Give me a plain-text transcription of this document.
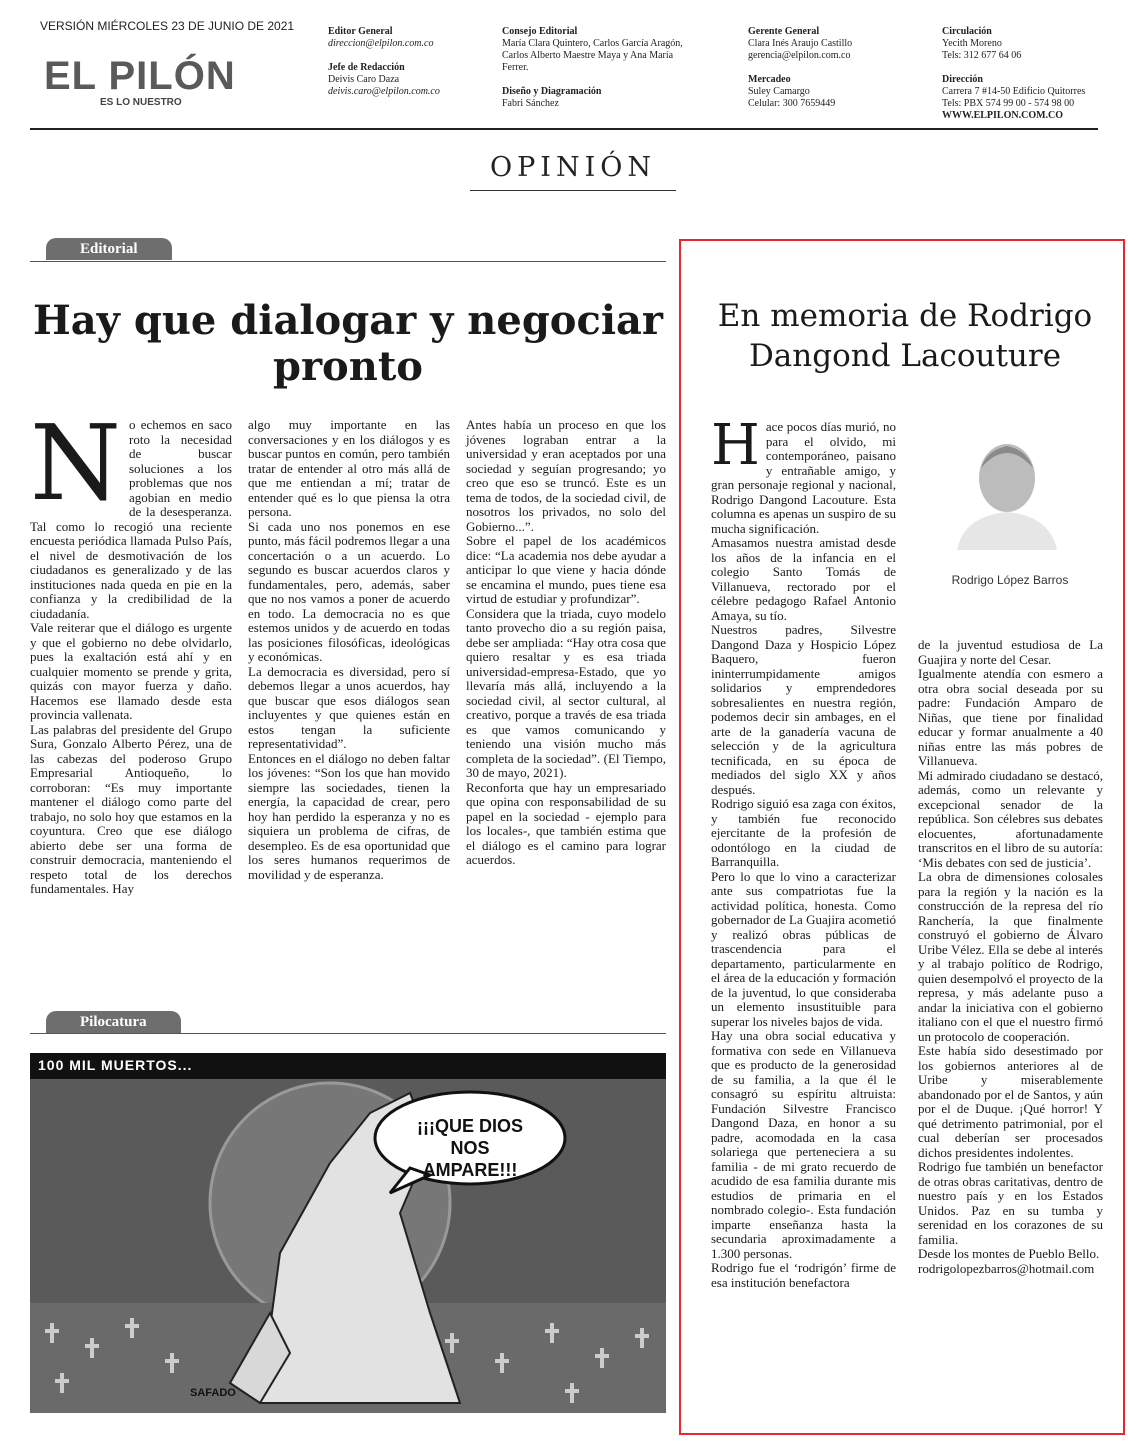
VERSIÓN MIÉRCOLES 23 DE JUNIO DE 2021
EL PILÓN
ES LO NUESTRO
Editor General
direccion@elpilon.com.co

Jefe de Redacción
Deivis Caro Daza
deivis.caro@elpilon.com.co
Consejo Editorial
María Clara Quintero, Carlos García Aragón,
Carlos Alberto Maestre Maya y Ana María
Ferrer.

Diseño y Diagramación
Fabri Sánchez
Gerente General
Clara Inés Araujo Castillo
gerencia@elpilon.com.co

Mercadeo
Suley Camargo
Celular: 300 7659449
Circulación
Yecith Moreno
Tels: 312 677 64 06

Dirección
Carrera 7 #14-50 Edificio Quitorres
Tels: PBX 574 99 00 - 574 98 00
WWW.ELPILON.COM.CO
OPINIÓN
Editorial
Hay que dialogar y negociar pronto
N o echemos en saco roto la necesidad de buscar soluciones a los problemas que nos agobian en medio de la desesperanza. Tal como lo recogió una reciente encuesta periódica llamada Pulso País, el nivel de desmotivación de los ciudadanos es generalizado y de las instituciones nada queda en pie en la confianza y la credibilidad de la ciudadanía.

Vale reiterar que el diálogo es urgente y que el gobierno no debe olvidarlo, pues la exaltación está ahí y en cualquier momento se prende y grita, quizás con mayor fuerza y daño. Hacemos ese llamado desde esta provincia vallenata.

Las palabras del presidente del Grupo Sura, Gonzalo Alberto Pérez, una de las cabezas del poderoso Grupo Empresarial Antioqueño, lo corroboran: “Es muy importante mantener el diálogo como parte del trabajo, no solo hoy que estamos en la coyuntura. Creo que ese diálogo abierto debe ser una forma de construir democracia, manteniendo el respeto total de los derechos fundamentales. Hay

algo muy importante en las conversaciones y en los diálogos y es buscar puntos en común, pero también tratar de entender al otro más allá de que me entiendan a mí; tratar de entender qué es lo que piensa la otra persona.

Si cada uno nos ponemos en ese punto, más fácil podremos llegar a una concertación o a un acuerdo. Lo segundo es buscar acuerdos claros y fundamentales, pero, además, saber que no nos vamos a poner de acuerdo en todo. La democracia no es que estemos unidos y de acuerdo en todas las posiciones filosóficas, ideológicas y económicas.

La democracia es diversidad, pero sí debemos llegar a unos acuerdos, hay que buscar que esos diálogos sean incluyentes y que quienes están en estos tengan la suficiente representatividad”.

Entonces en el diálogo no deben faltar los jóvenes: “Son los que han movido siempre las sociedades, tienen la energía, la capacidad de crear, pero hoy han perdido la esperanza y no es siquiera un problema de cifras, de desempleo. Es de esa oportunidad que los seres humanos requerimos de movilidad y de esperanza.

Antes había un proceso en que los jóvenes lograban entrar a la universidad y eran aceptados por una sociedad y seguían progresando; yo creo que eso se truncó. Este es un tema de todos, de la sociedad civil, de nosotros los privados, no solo del Gobierno...”.

Sobre el papel de los académicos dice: “La academia nos debe ayudar a anticipar lo que viene y hacia dónde se encamina el mundo, pues tiene esa virtud de estudiar y profundizar”.

Considera que la triada, cuyo modelo tanto provecho dio a su región paisa, debe ser ampliada: “Hay otra cosa que quiero resaltar y es esa triada universidad-empresa-Estado, que yo llevaría más allá, incluyendo a la sociedad civil, al sector cultural, al creativo, porque a través de esa triada es que vamos comunicando y teniendo una visión mucho más completa de la sociedad”. (El Tiempo, 30 de mayo, 2021).

Reconforta que hay un empresariado que opina con responsabilidad de su papel en la sociedad - ejemplo para los locales-, que también estima que el diálogo es el camino para lograr acuerdos.

Pilocatura
100 MIL MUERTOS...
¡¡¡QUE DIOS NOS AMPARE!!!
SAFADO
En memoria de Rodrigo Dangond Lacouture
Rodrigo López Barros
H ace pocos días murió, no para el olvido, mi contemporáneo, paisano y entrañable amigo, y gran personaje regional y nacional, Rodrigo Dangond Lacouture. Esta columna es apenas un suspiro de su mucha significación.

Amasamos nuestra amistad desde los años de la infancia en el colegio Santo Tomás de Villanueva, rectorado por el célebre pedagogo Rafael Antonio Amaya, su tío.

Nuestros padres, Silvestre Dangond Daza y Hospicio López Baquero, fueron ininterrumpidamente amigos solidarios y emprendedores sobresalientes en nuestra región, podemos decir sin ambages, en el arte de la ganadería vacuna de selección y de la agricultura tecnificada, en su época de mediados del siglo XX y años después.

Rodrigo siguió esa zaga con éxitos, y también fue reconocido ejercitante de la profesión de odontólogo en la ciudad de Barranquilla.

Pero lo que lo vino a caracterizar ante sus compatriotas fue la actividad política, honesta. Como gobernador de La Guajira acometió y realizó obras públicas de trascendencia para el departamento, particularmente en el área de la educación y formación de la juventud, lo que consideraba un elemento insustituible para superar los niveles bajos de vida.

Hay una obra social educativa y formativa con sede en Villanueva que es producto de la generosidad de su familia, a la que él le consagró su espíritu altruista: Fundación Silvestre Francisco Dangond Daza, en honor a su padre, acomodada en la casa solariega que perteneciera a su familia - de mi grato recuerdo de acudido de esa familia durante mis estudios de primaria en el nombrado colegio-. Esta fundación imparte enseñanza hasta la secundaria aproximadamente a 1.300 personas.

Rodrigo fue el ‘rodrigón’ firme de esa institución benefactora

de la juventud estudiosa de La Guajira y norte del Cesar.

Igualmente atendía con esmero a otra obra social deseada por su padre: Fundación Amparo de Niñas, que tiene por finalidad educar y formar anualmente a 40 niñas entre las más pobres de Villanueva.

Mi admirado ciudadano se destacó, además, como un relevante y excepcional senador de la república. Son célebres sus debates elocuentes, afortunadamente transcritos en el libro de su autoría: ‘Mis debates con sed de justicia’.

La obra de dimensiones colosales para la región y la nación es la construcción de la represa del río Ranchería, la que finalmente construyó el gobierno de Álvaro Uribe Vélez. Ella se debe al interés y al trabajo político de Rodrigo, quien desempolvó el proyecto de la represa, y más adelante puso a andar la iniciativa con el gobierno italiano con el que el nuestro firmó un protocolo de cooperación.

Este había sido desestimado por los gobiernos anteriores al de Uribe y miserablemente abandonado por el de Santos, y aún por el de Duque. ¡Qué horror! Y qué detrimento patrimonial, por el cual deberían ser procesados dichos presidentes indolentes.

Rodrigo fue también un benefactor de otras obras caritativas, dentro de nuestro país y en los Estados Unidos. Paz en su tumba y serenidad en los corazones de su familia.

Desde los montes de Pueblo Bello.

rodrigolopezbarros@hotmail.com
